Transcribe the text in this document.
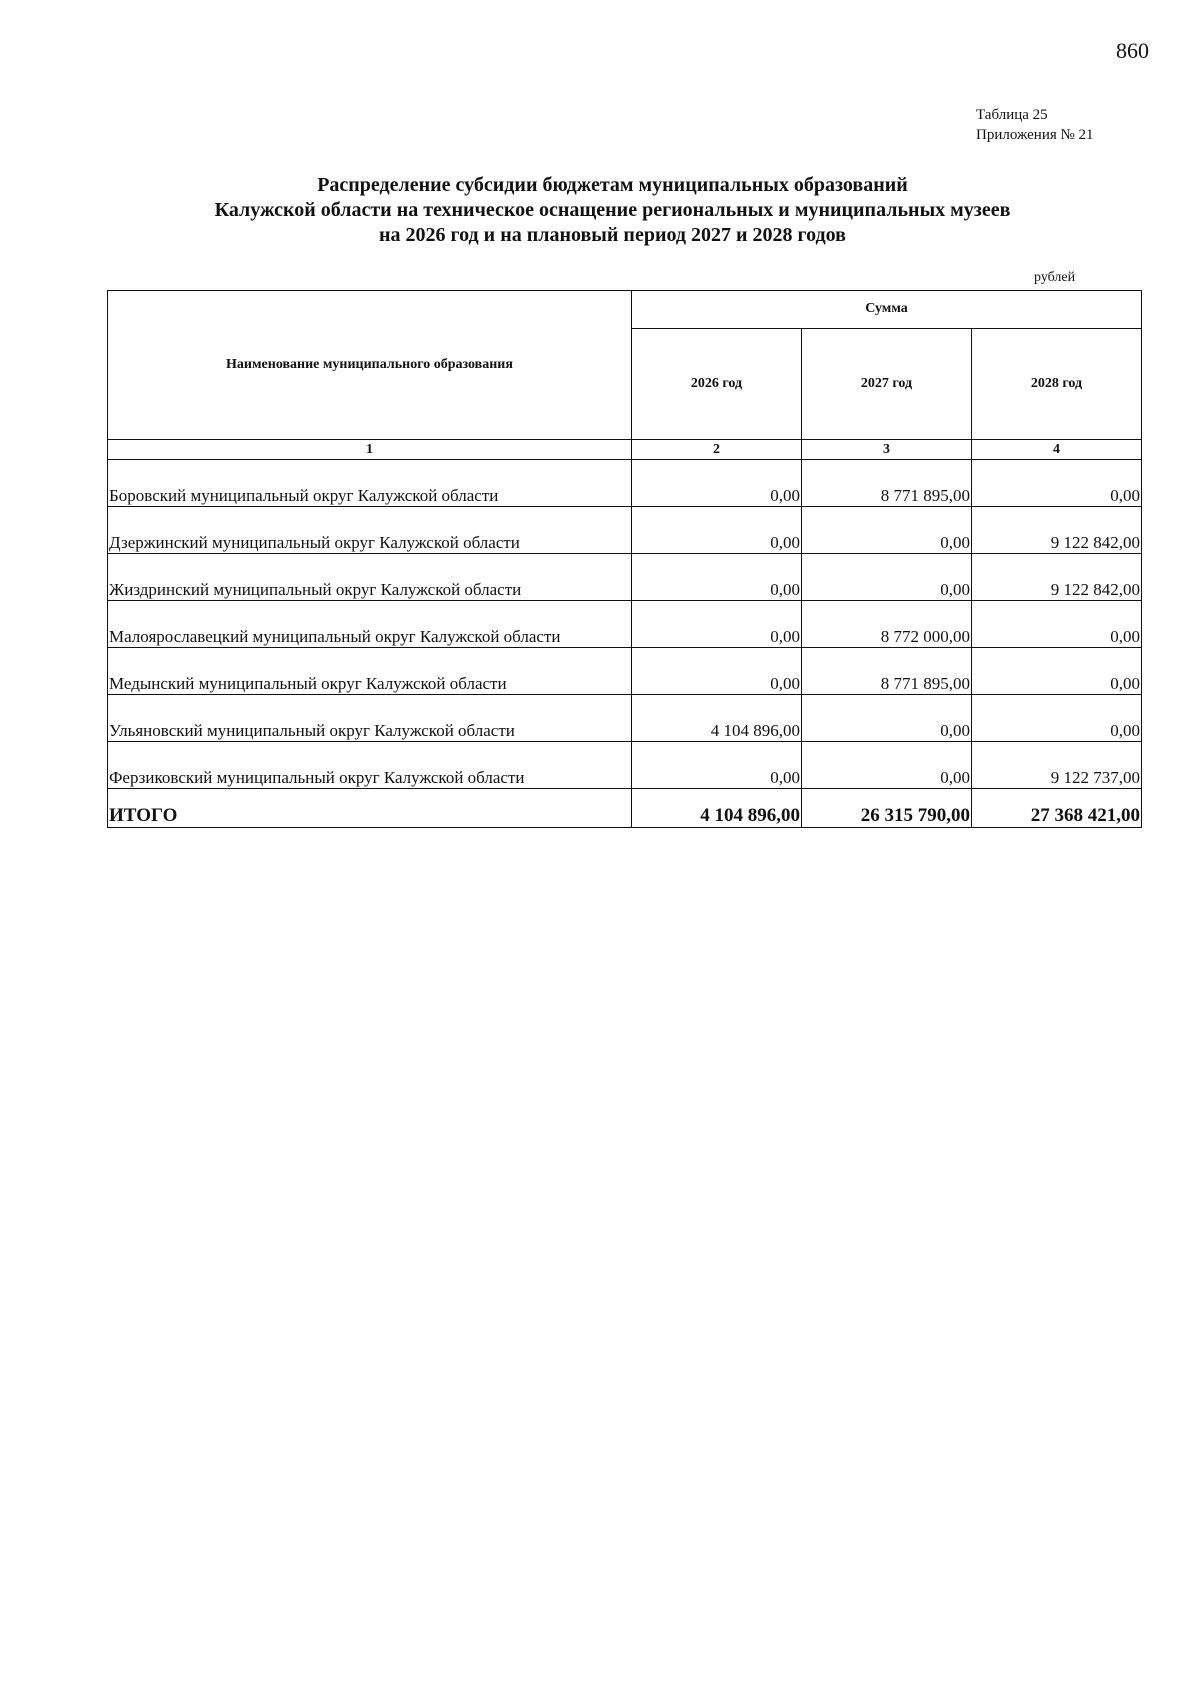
860
Таблица 25
Приложения № 21
Распределение субсидии бюджетам муниципальных образований
Калужской области на техническое оснащение региональных и муниципальных музеев
на 2026 год и на плановый период 2027 и 2028 годов
рублей
Наименование муниципального образования	Сумма		
	2026 год	2027 год	2028 год
1	2	3	4
Боровский муниципальный округ Калужской области	0,00	8 771 895,00	0,00
Дзержинский муниципальный округ Калужской области	0,00	0,00	9 122 842,00
Жиздринский муниципальный округ Калужской области	0,00	0,00	9 122 842,00
Малоярославецкий муниципальный округ Калужской области	0,00	8 772 000,00	0,00
Медынский муниципальный округ Калужской области	0,00	8 771 895,00	0,00
Ульяновский муниципальный округ Калужской области	4 104 896,00	0,00	0,00
Ферзиковский муниципальный округ Калужской области	0,00	0,00	9 122 737,00
ИТОГО	4 104 896,00	26 315 790,00	27 368 421,00
